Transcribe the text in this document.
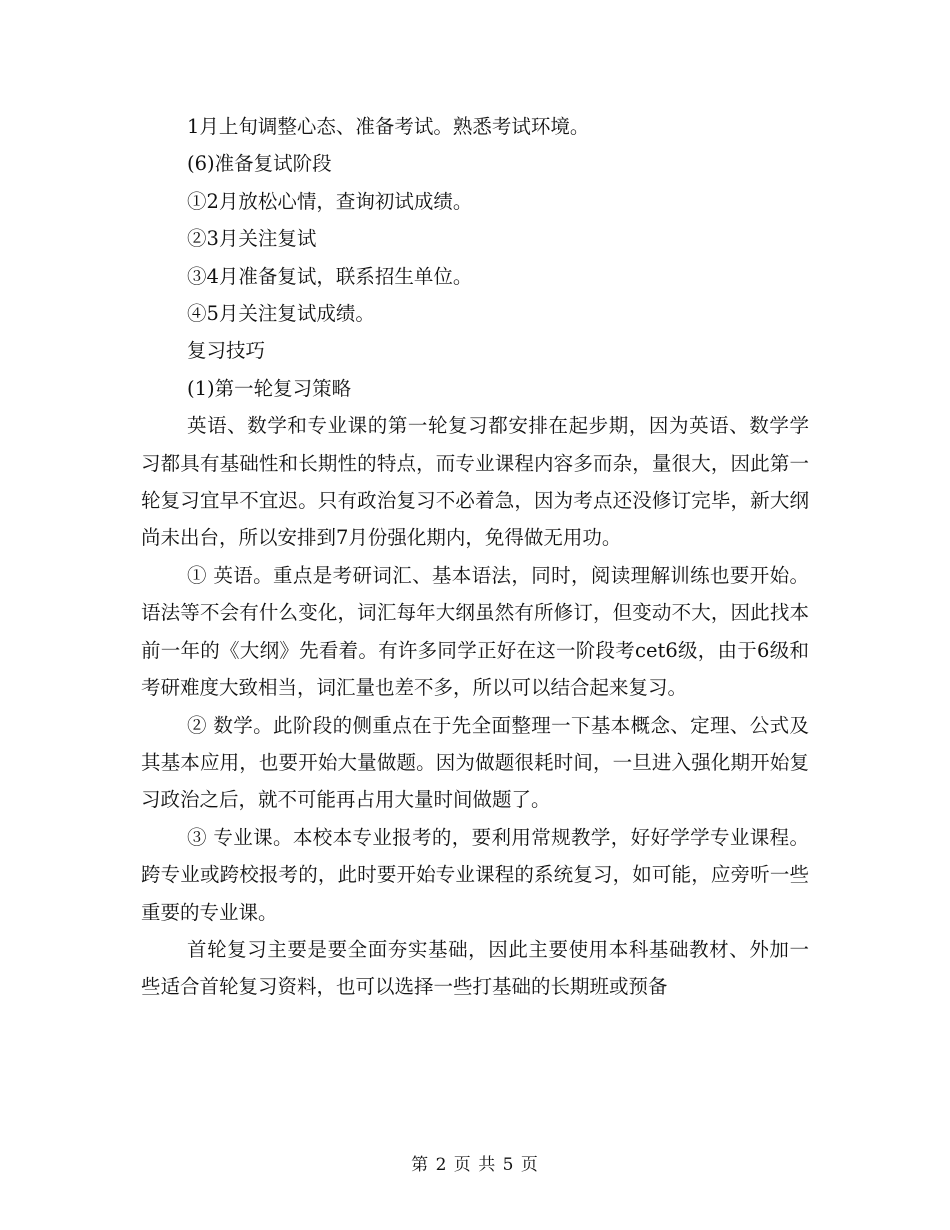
1月上旬调整心态、准备考试。熟悉考试环境。
(6)准备复试阶段
①2月放松心情，查询初试成绩。
②3月关注复试
③4月准备复试，联系招生单位。
④5月关注复试成绩。
复习技巧
(1)第一轮复习策略
英语、数学和专业课的第一轮复习都安排在起步期，因为英语、数学学习都具有基础性和长期性的特点，而专业课程内容多而杂，量很大，因此第一轮复习宜早不宜迟。只有政治复习不必着急，因为考点还没修订完毕，新大纲尚未出台，所以安排到7月份强化期内，免得做无用功。
① 英语。重点是考研词汇、基本语法，同时，阅读理解训练也要开始。语法等不会有什么变化，词汇每年大纲虽然有所修订，但变动不大，因此找本前一年的《大纲》先看着。有许多同学正好在这一阶段考cet6级，由于6级和考研难度大致相当，词汇量也差不多，所以可以结合起来复习。
② 数学。此阶段的侧重点在于先全面整理一下基本概念、定理、公式及其基本应用，也要开始大量做题。因为做题很耗时间，一旦进入强化期开始复习政治之后，就不可能再占用大量时间做题了。
③ 专业课。本校本专业报考的，要利用常规教学，好好学学专业课程。跨专业或跨校报考的，此时要开始专业课程的系统复习，如可能，应旁听一些重要的专业课。
首轮复习主要是要全面夯实基础，因此主要使用本科基础教材、外加一些适合首轮复习资料，也可以选择一些打基础的长期班或预备
第 2 页 共 5 页
